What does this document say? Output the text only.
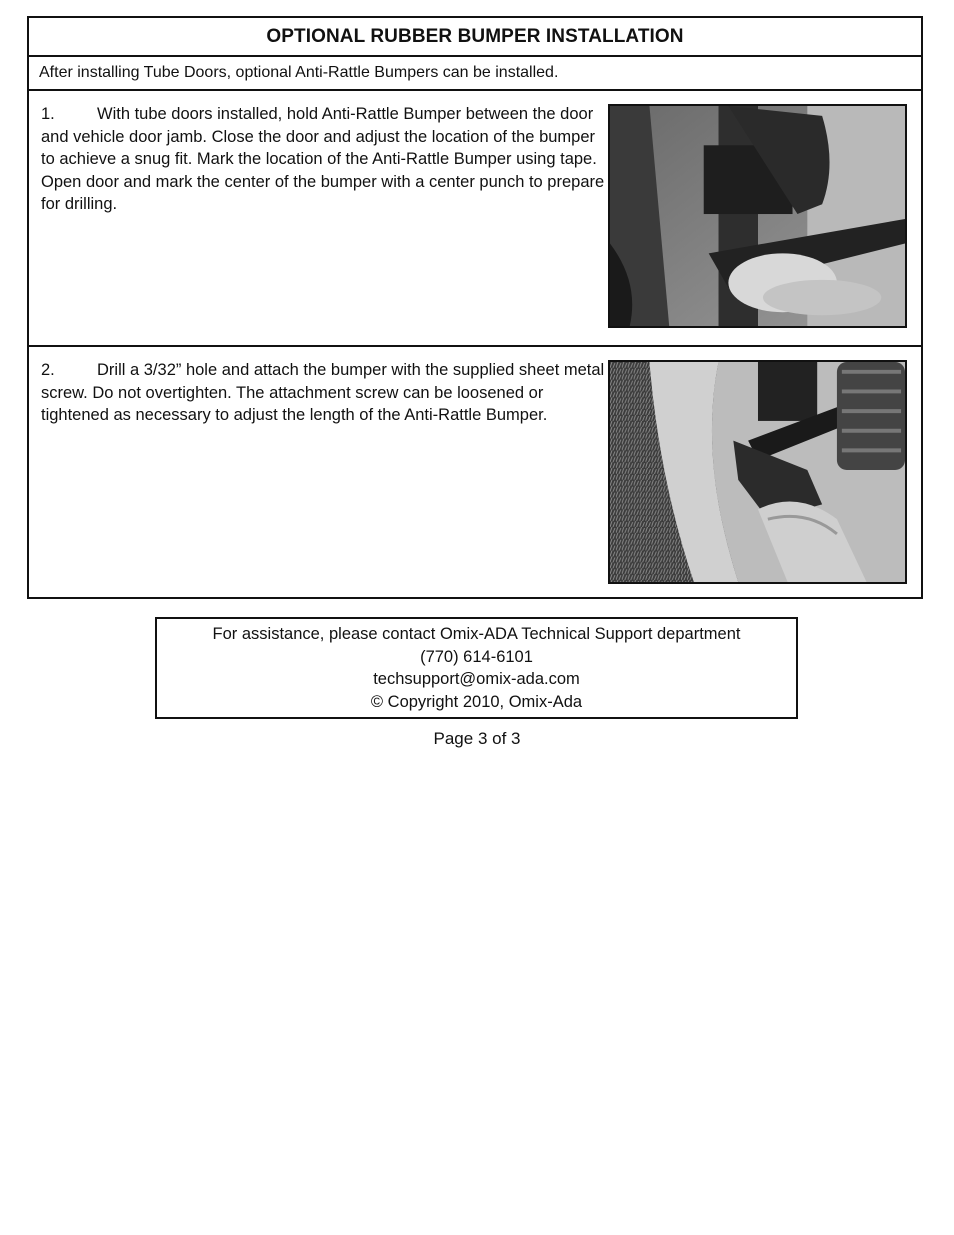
OPTIONAL RUBBER BUMPER INSTALLATION
After installing Tube Doors, optional Anti-Rattle Bumpers can be installed.
1.	With tube doors installed, hold Anti-Rattle Bumper between the door and vehicle door jamb. Close the door and adjust the location of the bumper to achieve a snug fit. Mark the location of the Anti-Rattle Bumper using tape. Open door and mark the center of the bumper with a center punch to prepare for drilling.
2.	Drill a 3/32” hole and attach the bumper with the supplied sheet metal screw. Do not overtighten. The attachment screw can be loosened or tightened as necessary to adjust the length of the Anti-Rattle Bumper.
For assistance, please contact Omix-ADA Technical Support department
(770) 614-6101
techsupport@omix-ada.com
© Copyright 2010, Omix-Ada
Page 3 of 3
